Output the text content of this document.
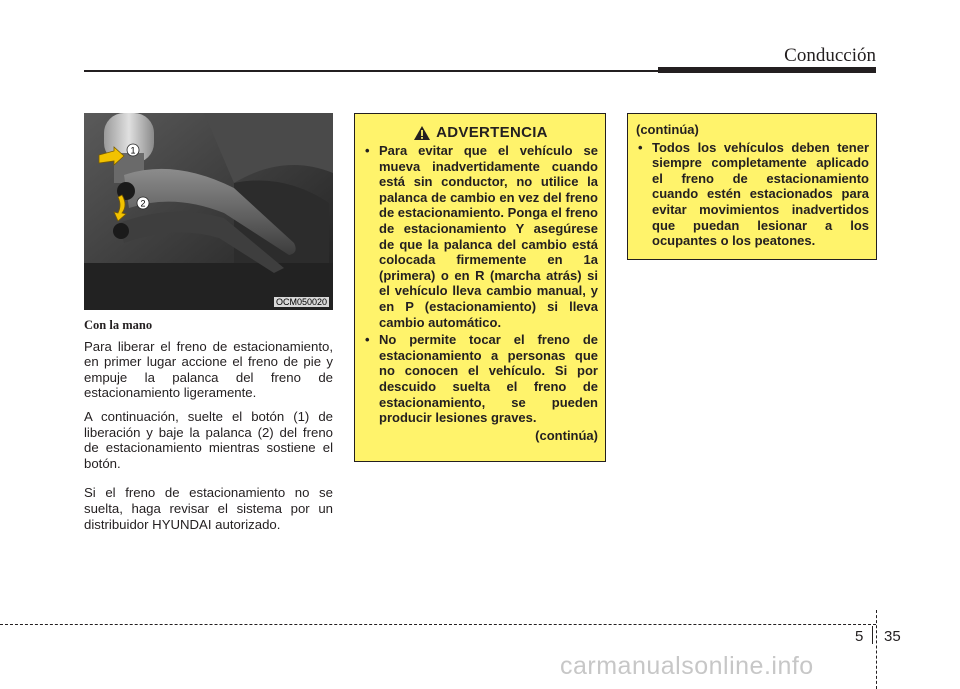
Conducción
1
2
OCM050020
Con la mano

Para liberar el freno de estacionamiento, en primer lugar accione el freno de pie y empuje la palanca del freno de estacionamiento ligeramente.

A continuación, suelte el botón (1) de liberación y baje la palanca (2) del freno de estacionamiento mientras sostiene el botón.

Si el freno de estacionamiento no se suelta, haga revisar el sistema por un distribuidor HYUNDAI autorizado.

ADVERTENCIA
• Para evitar que el vehículo se mueva inadvertidamente cuando está sin conductor, no utilice la palanca de cambio en vez del freno de estacionamiento. Ponga el freno de estacionamiento Y asegúrese de que la palanca del cambio está colocada firmemente en 1a (primera) o en R (marcha atrás) si el vehículo lleva cambio manual, y en P (estacionamiento) si lleva cambio automático.
• No permite tocar el freno de estacionamiento a personas que no conocen el vehículo. Si por descuido suelta el freno de estacionamiento, se pueden producir lesiones graves.
(continúa)
(continúa)
• Todos los vehículos deben tener siempre completamente aplicado el freno de estacionamiento cuando estén estacionados para evitar movimientos inadvertidos que puedan lesionar a los ocupantes o los peatones.
5 35
carmanualsonline.info
